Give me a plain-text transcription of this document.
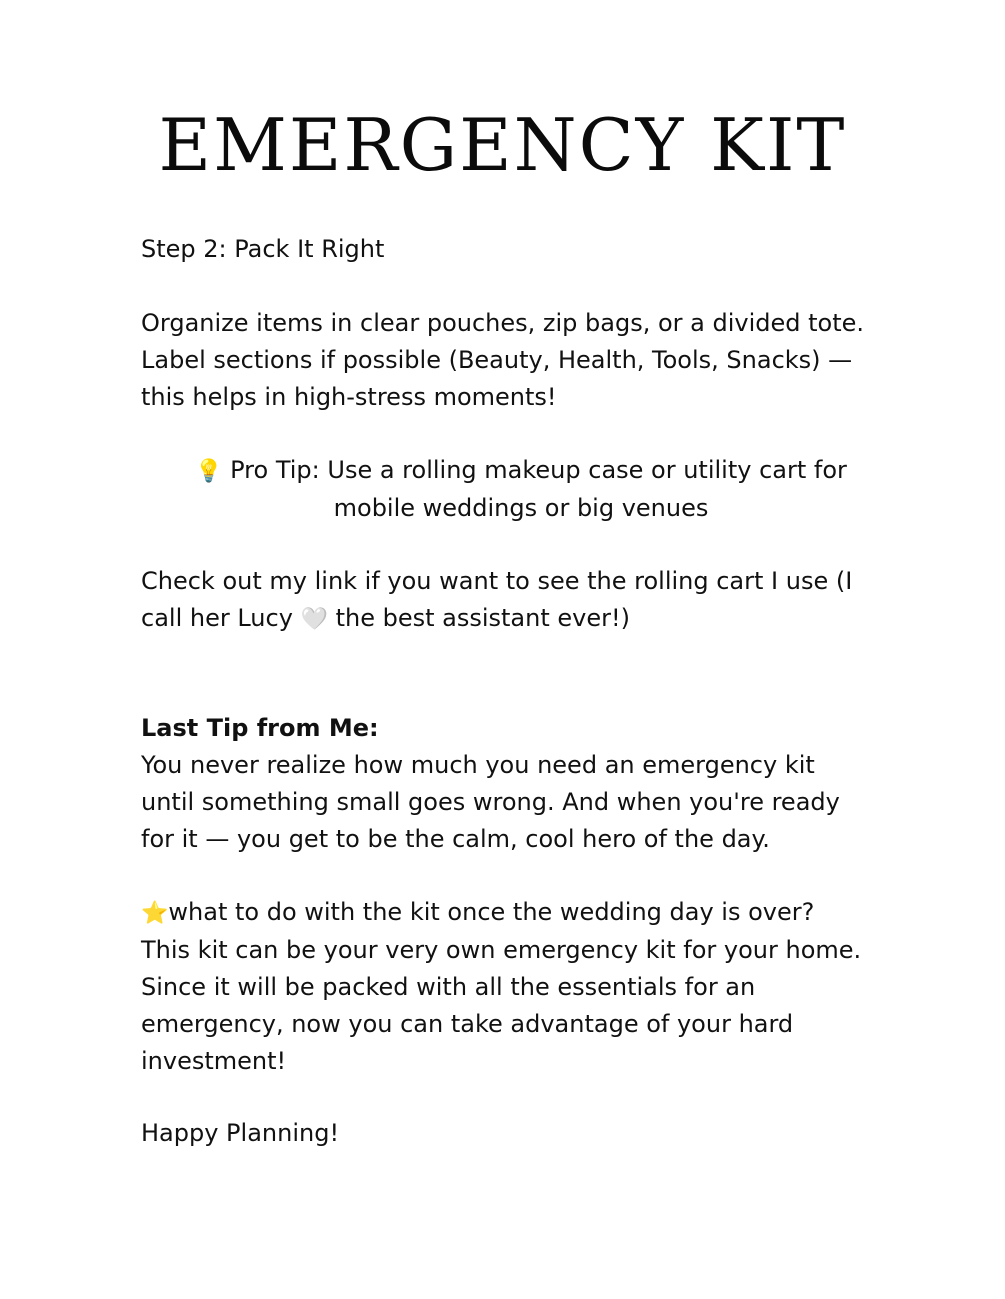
EMERGENCY KIT

Step 2: Pack It Right

Organize items in clear pouches, zip bags, or a divided tote.
Label sections if possible (Beauty, Health, Tools, Snacks) —
this helps in high-stress moments!

💡 Pro Tip: Use a rolling makeup case or utility cart for
mobile weddings or big venues

Check out my link if you want to see the rolling cart I use (I
call her Lucy 🤍 the best assistant ever!)

Last Tip from Me:
You never realize how much you need an emergency kit
until something small goes wrong. And when you're ready
for it — you get to be the calm, cool hero of the day.

⭐what to do with the kit once the wedding day is over?
This kit can be your very own emergency kit for your home.
Since it will be packed with all the essentials for an
emergency, now you can take advantage of your hard
investment!

Happy Planning!
